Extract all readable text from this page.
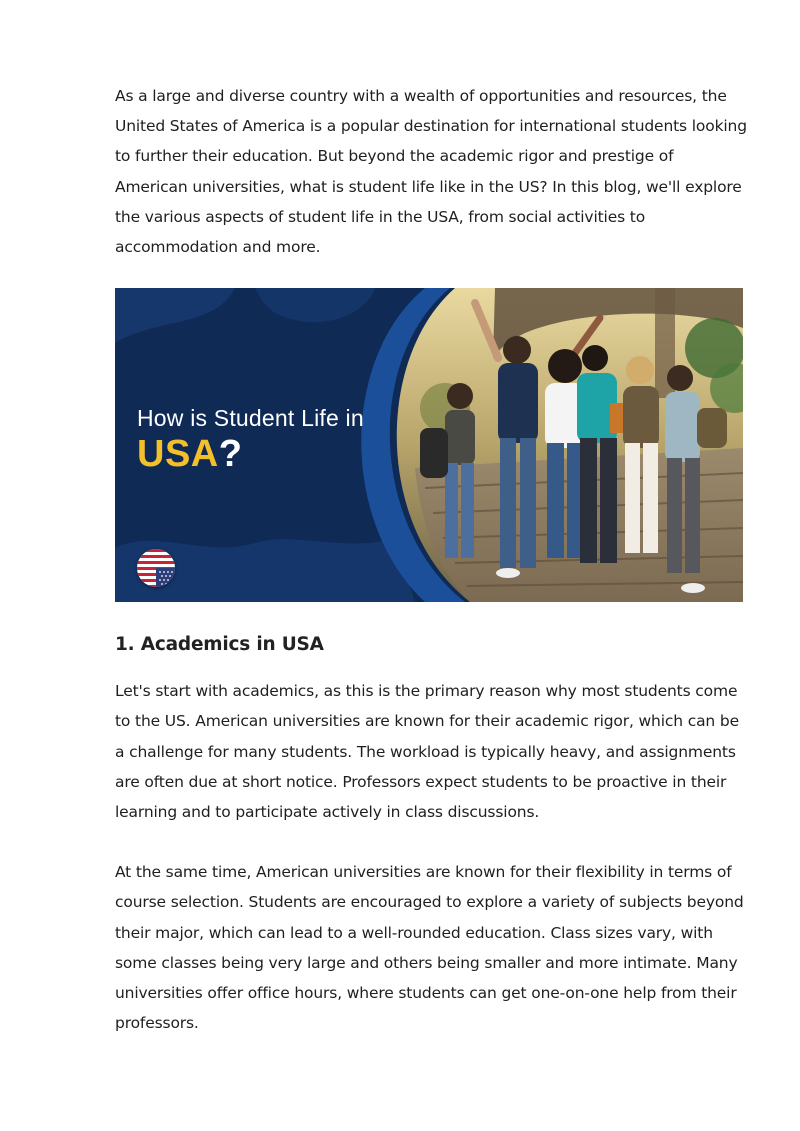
As a large and diverse country with a wealth of opportunities and resources, the United States of America is a popular destination for international students looking to further their education. But beyond the academic rigor and prestige of American universities, what is student life like in the US? In this blog, we'll explore the various aspects of student life in the USA, from social activities to accommodation and more.

How is Student Life in
USA?
1. Academics in USA

Let's start with academics, as this is the primary reason why most students come to the US. American universities are known for their academic rigor, which can be a challenge for many students. The workload is typically heavy, and assignments are often due at short notice. Professors expect students to be proactive in their learning and to participate actively in class discussions.

At the same time, American universities are known for their flexibility in terms of course selection. Students are encouraged to explore a variety of subjects beyond their major, which can lead to a well-rounded education. Class sizes vary, with some classes being very large and others being smaller and more intimate. Many universities offer office hours, where students can get one-on-one help from their professors.
